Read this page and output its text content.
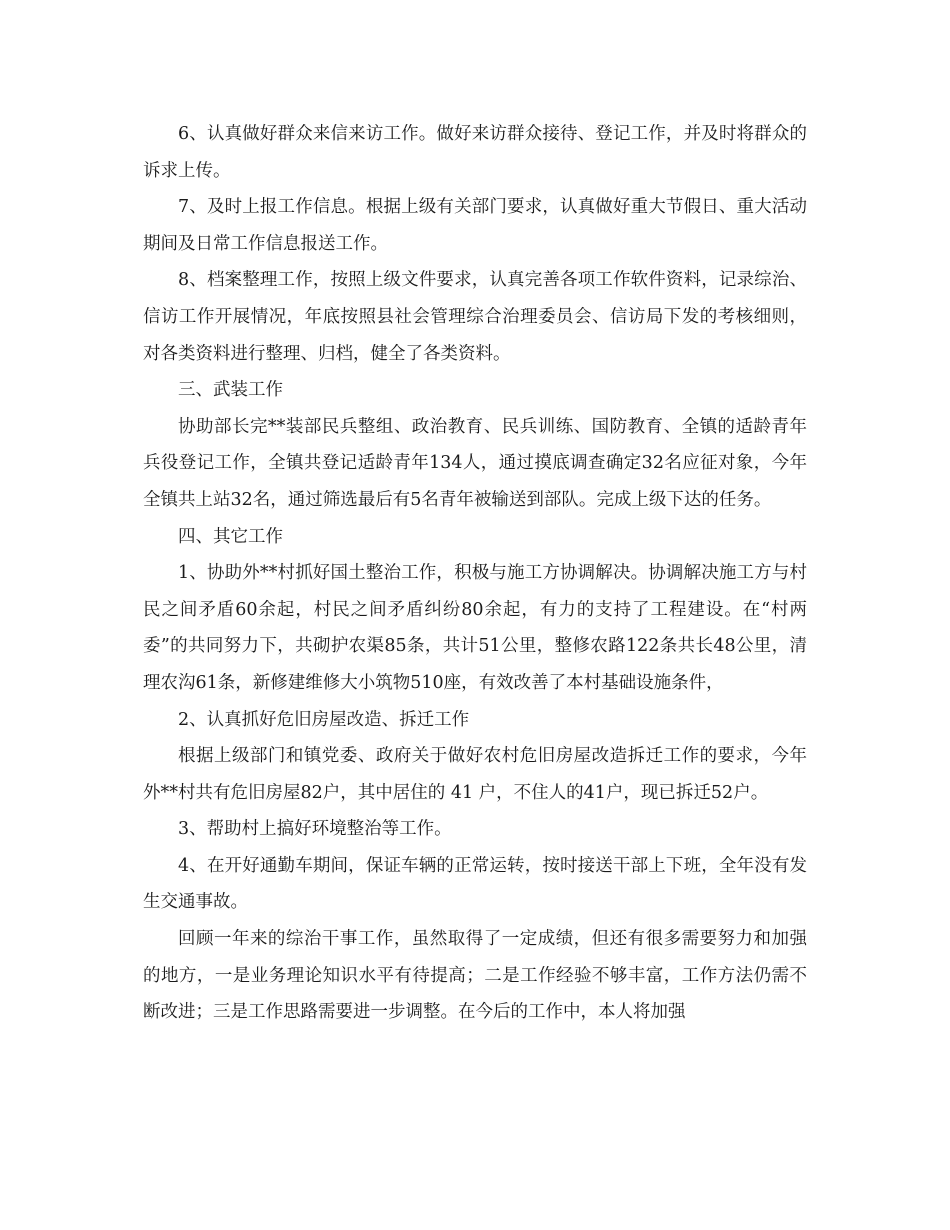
6、认真做好群众来信来访工作。做好来访群众接待、登记工作，并及时将群众的诉求上传。

7、及时上报工作信息。根据上级有关部门要求，认真做好重大节假日、重大活动期间及日常工作信息报送工作。

8、档案整理工作，按照上级文件要求，认真完善各项工作软件资料，记录综治、信访工作开展情况，年底按照县社会管理综合治理委员会、信访局下发的考核细则，对各类资料进行整理、归档，健全了各类资料。

三、武装工作

协助部长完**装部民兵整组、政治教育、民兵训练、国防教育、全镇的适龄青年兵役登记工作，全镇共登记适龄青年134人，通过摸底调查确定32名应征对象，今年全镇共上站32名，通过筛选最后有5名青年被输送到部队。完成上级下达的任务。

四、其它工作

1、协助外**村抓好国土整治工作，积极与施工方协调解决。协调解决施工方与村民之间矛盾60余起，村民之间矛盾纠纷80余起，有力的支持了工程建设。在“村两委”的共同努力下，共砌护农渠85条，共计51公里，整修农路122条共长48公里，清理农沟61条，新修建维修大小筑物510座，有效改善了本村基础设施条件，

2、认真抓好危旧房屋改造、拆迁工作

根据上级部门和镇党委、政府关于做好农村危旧房屋改造拆迁工作的要求，今年外**村共有危旧房屋82户，其中居住的 41 户，不住人的41户，现已拆迁52户。

3、帮助村上搞好环境整治等工作。

4、在开好通勤车期间，保证车辆的正常运转，按时接送干部上下班，全年没有发生交通事故。

回顾一年来的综治干事工作，虽然取得了一定成绩，但还有很多需要努力和加强的地方，一是业务理论知识水平有待提高；二是工作经验不够丰富，工作方法仍需不断改进；三是工作思路需要进一步调整。在今后的工作中，本人将加强
